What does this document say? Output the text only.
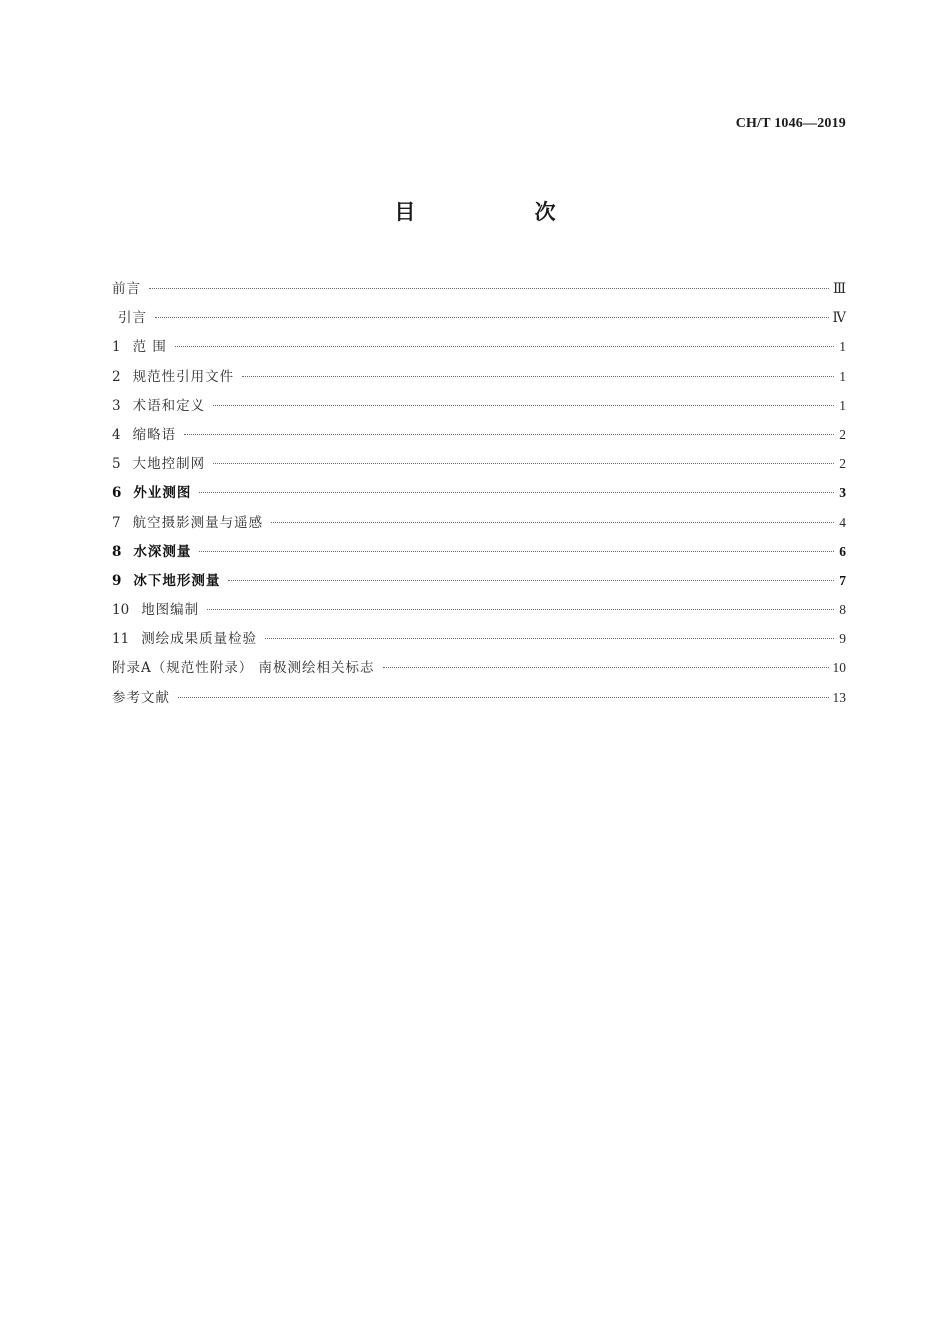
CH/T 1046—2019
目 次
前言	Ⅲ
引言	Ⅳ
1 范 围	1
2 规范性引用文件	1
3 术语和定义	1
4 缩略语	2
5 大地控制网	2
6 外业测图	3
7 航空摄影测量与遥感	4
8 水深测量	6
9 冰下地形测量	7
10 地图编制	8
11 测绘成果质量检验	9
附录A（规范性附录） 南极测绘相关标志	10
参考文献	13
